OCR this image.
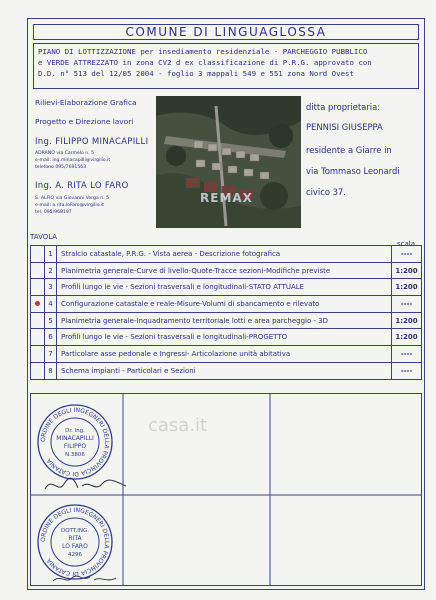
COMUNE DI LINGUAGLOSSA
PIANO DI LOTTIZZAZIONE per insediamento residenziale - PARCHEGGIO PUBBLICO
e VERDE ATTREZZATO in zona CV2 d ex classificazione di P.R.G. approvato con
D.D. n° 513 del 12/05 2004 - foglio 3 mappali 549 e 551 zona Nord Ovest
Rilievi-Elaborazione Grafica
Progetto e Direzione lavori
Ing. FILIPPO MINACAPILLI
ADRANO via Carmelo n. 5
e-mail: ing.minacapilli@virgilio.it
telefono 095/7691563
Ing. A. RITA LO FARO
S. ALFIO via Giovanni Verga n. 5
e-mail: a.rita.loFaro@virgilio.it
tel. 095/968197
REMAX
ditta proprietaria:
PENNISI GIUSEPPA
residente a Giarre in
via Tommaso Leonardi
civico 37.
TAVOLA
scala
	1	Stralcio catastale, P.R.G. - Vista aerea - Descrizione fotografica	----
	2	Planimetria generale-Curve di livello-Quote-Tracce sezioni-Modifiche previste	1:200
	3	Profili lungo le vie - Sezioni trasversali e longitudinali-STATO ATTUALE	1:200
	4	Configurazione catastale e reale-Misure-Volumi di sbancamento e rilevato	----
	5	Planimetria generale-Inquadramento territoriale lotti e area parcheggio - 3D	1:200
	6	Profili lungo le vie - Sezioni trasversali e longitudinali-PROGETTO	1:200
	7	Particolare asse pedonale e Ingressi- Articolazione unità abitativa	----
	8	Schema impianti - Particolari e Sezioni	----
ORDINE DEGLI INGEGNERI DELLA PROVINCIA DI CATANIA
Dr. Ing.
MINACAPILLI
FILIPPO
N.3806
ORDINE DEGLI INGEGNERI DELLA PROVINCIA DI CATANIA
DOTT.ING.
RITA
LO FARO
4296
casa.it
